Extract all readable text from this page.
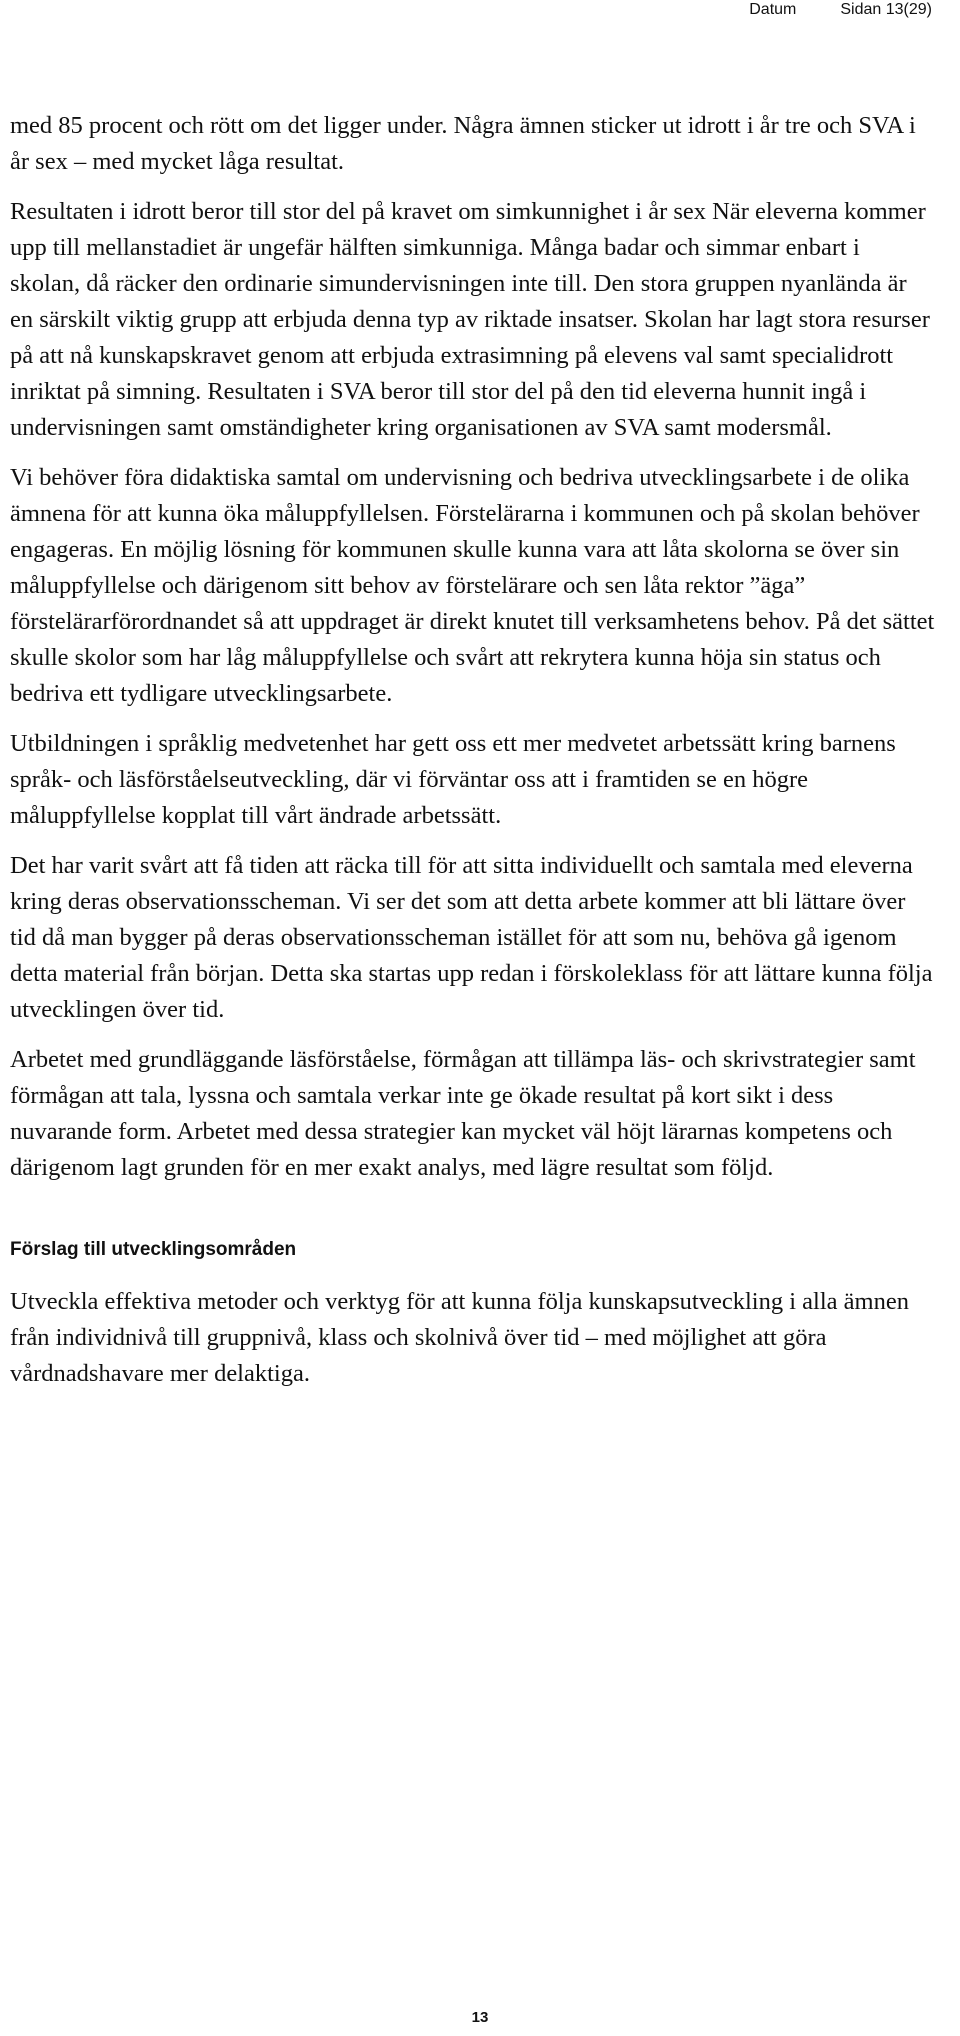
Datum	Sidan 13(29)

med 85 procent och rött om det ligger under. Några ämnen sticker ut idrott i år tre och SVA i år sex – med mycket låga resultat.

Resultaten i idrott beror till stor del på kravet om simkunnighet i år sex När eleverna kommer upp till mellanstadiet är ungefär hälften simkunniga. Många badar och simmar enbart i skolan, då räcker den ordinarie simundervisningen inte till. Den stora gruppen nyanlända är en särskilt viktig grupp att erbjuda denna typ av riktade insatser. Skolan har lagt stora resurser på att nå kunskapskravet genom att erbjuda extrasimning på elevens val samt specialidrott inriktat på simning. Resultaten i SVA beror till stor del på den tid eleverna hunnit ingå i undervisningen samt omständigheter kring organisationen av SVA samt modersmål.

Vi behöver föra didaktiska samtal om undervisning och bedriva utvecklingsarbete i de olika ämnena för att kunna öka måluppfyllelsen. Förstelärarna i kommunen och på skolan behöver engageras. En möjlig lösning för kommunen skulle kunna vara att låta skolorna se över sin måluppfyllelse och därigenom sitt behov av förstelärare och sen låta rektor ”äga” förstelärarförordnandet så att uppdraget är direkt knutet till verksamhetens behov. På det sättet skulle skolor som har låg måluppfyllelse och svårt att rekrytera kunna höja sin status och bedriva ett tydligare utvecklingsarbete.

Utbildningen i språklig medvetenhet har gett oss ett mer medvetet arbetssätt kring barnens språk- och läsförståelseutveckling, där vi förväntar oss att i framtiden se en högre måluppfyllelse kopplat till vårt ändrade arbetssätt.

Det har varit svårt att få tiden att räcka till för att sitta individuellt och samtala med eleverna kring deras observationsscheman. Vi ser det som att detta arbete kommer att bli lättare över tid då man bygger på deras observationsscheman istället för att som nu, behöva gå igenom detta material från början. Detta ska startas upp redan i förskoleklass för att lättare kunna följa utvecklingen över tid.

Arbetet med grundläggande läsförståelse, förmågan att tillämpa läs- och skrivstrategier samt förmågan att tala, lyssna och samtala verkar inte ge ökade resultat på kort sikt i dess nuvarande form. Arbetet med dessa strategier kan mycket väl höjt lärarnas kompetens och därigenom lagt grunden för en mer exakt analys, med lägre resultat som följd.

Förslag till utvecklingsområden

Utveckla effektiva metoder och verktyg för att kunna följa kunskapsutveckling i alla ämnen från individnivå till gruppnivå, klass och skolnivå över tid – med möjlighet att göra vårdnadshavare mer delaktiga.

13
